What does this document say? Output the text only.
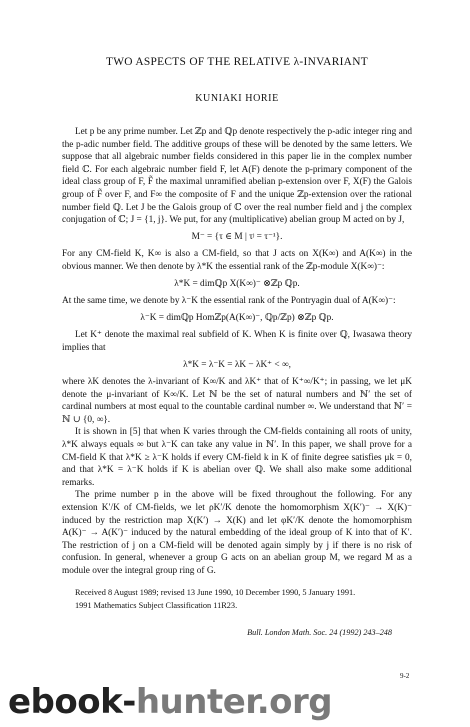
TWO ASPECTS OF THE RELATIVE λ-INVARIANT
KUNIAKI HORIE

Let p be any prime number. Let ℤp and ℚp denote respectively the p-adic integer ring and the p-adic number field. The additive groups of these will be denoted by the same letters. We suppose that all algebraic number fields considered in this paper lie in the complex number field ℂ. For each algebraic number field F, let A(F) denote the p-primary component of the ideal class group of F, F̃ the maximal unramified abelian p-extension over F, X(F) the Galois group of F̃ over F, and F∞ the composite of F and the unique ℤp-extension over the rational number field ℚ. Let J be the Galois group of ℂ over the real number field and j the complex conjugation of ℂ; J = {1, j}. We put, for any (multiplicative) abelian group M acted on by J,

M⁻ = {τ ∈ M | τʲ = τ⁻¹}.

For any CM-field K, K∞ is also a CM-field, so that J acts on X(K∞) and A(K∞) in the obvious manner. We then denote by λ*K the essential rank of the ℤp-module X(K∞)⁻:

λ*K = dimℚp X(K∞)⁻ ⊗ℤp ℚp.

At the same time, we denote by λ⁻K the essential rank of the Pontryagin dual of A(K∞)⁻:

λ⁻K = dimℚp Homℤp(A(K∞)⁻, ℚp/ℤp) ⊗ℤp ℚp.

Let K⁺ denote the maximal real subfield of K. When K is finite over ℚ, Iwasawa theory implies that

λ*K = λ⁻K = λK − λK⁺ < ∞,

where λK denotes the λ-invariant of K∞/K and λK⁺ that of K⁺∞/K⁺; in passing, we let μK denote the μ-invariant of K∞/K. Let ℕ be the set of natural numbers and ℕ′ the set of cardinal numbers at most equal to the countable cardinal number ∞. We understand that ℕ′ = ℕ ∪ {0, ∞}.

It is shown in [5] that when K varies through the CM-fields containing all roots of unity, λ*K always equals ∞ but λ⁻K can take any value in ℕ′. In this paper, we shall prove for a CM-field K that λ*K ≥ λ⁻K holds if every CM-field k in K of finite degree satisfies μk = 0, and that λ*K = λ⁻K holds if K is abelian over ℚ. We shall also make some additional remarks.

The prime number p in the above will be fixed throughout the following. For any extension K′/K of CM-fields, we let ρK′/K denote the homomorphism X(K′)⁻ → X(K)⁻ induced by the restriction map X(K′) → X(K) and let φK′/K denote the homomorphism A(K)⁻ → A(K′)⁻ induced by the natural embedding of the ideal group of K into that of K′. The restriction of j on a CM-field will be denoted again simply by j if there is no risk of confusion. In general, whenever a group G acts on an abelian group M, we regard M as a module over the integral group ring of G.

Received 8 August 1989; revised 13 June 1990, 10 December 1990, 5 January 1991.
1991 Mathematics Subject Classification 11R23.
Bull. London Math. Soc. 24 (1992) 243–248
9-2
ebook-hunter.org
